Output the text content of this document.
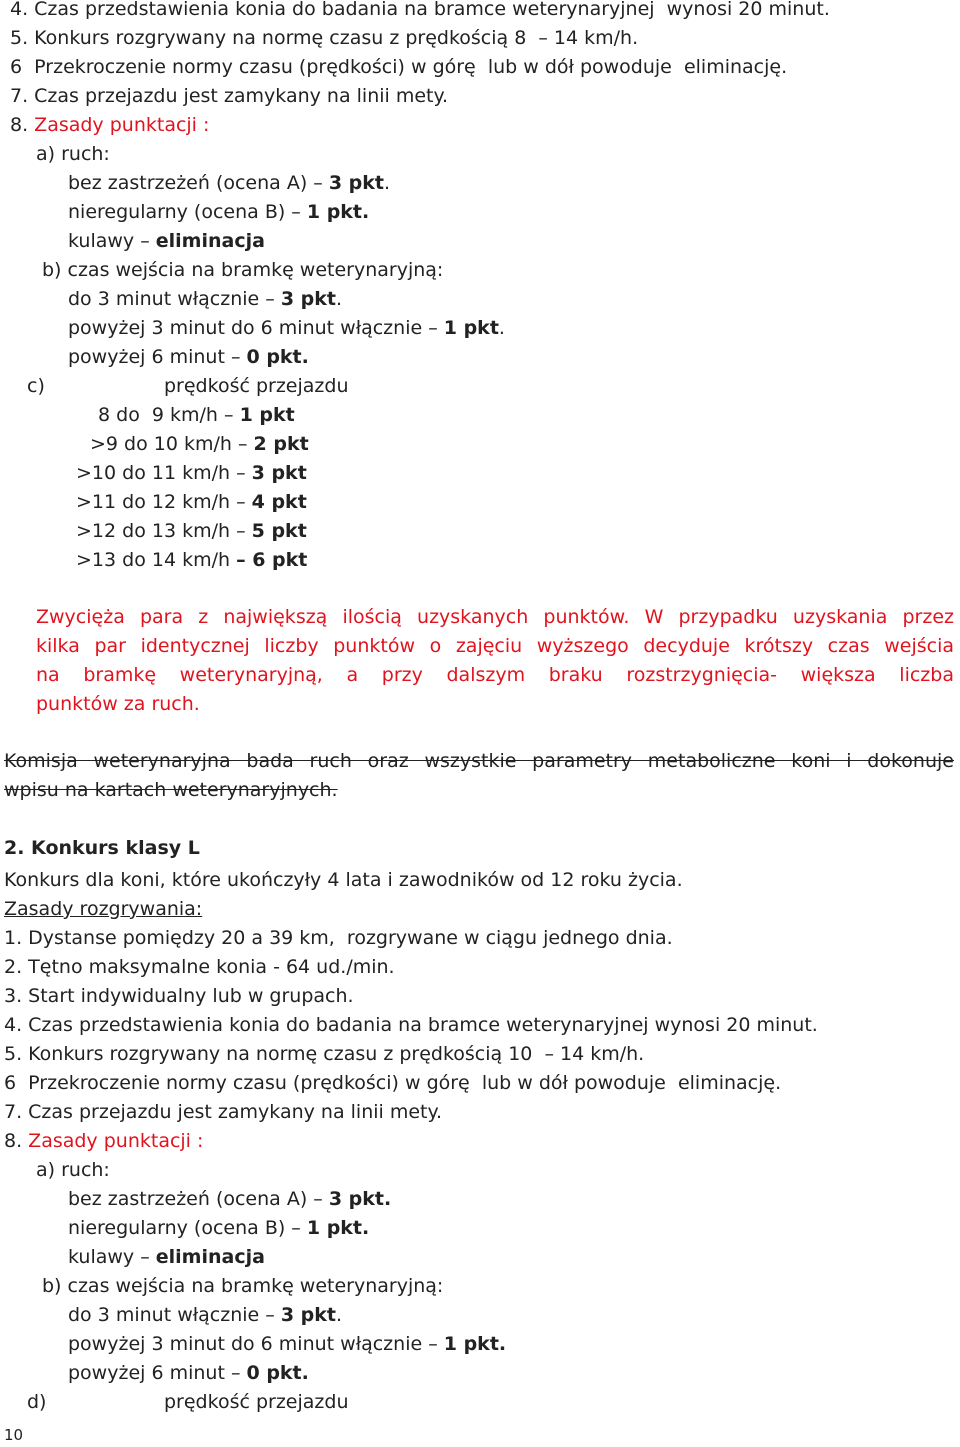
4. Czas przedstawienia konia do badania na bramce weterynaryjnej  wynosi 20 minut.
5. Konkurs rozgrywany na normę czasu z prędkością 8  – 14 km/h.
6  Przekroczenie normy czasu (prędkości) w górę  lub w dół powoduje  eliminację.
7. Czas przejazdu jest zamykany na linii mety.
8. Zasady punktacji :
a) ruch:
bez zastrzeżeń (ocena A) – 3 pkt.
nieregularny (ocena B) – 1 pkt.
kulawy – eliminacja
b) czas wejścia na bramkę weterynaryjną:
do 3 minut włącznie – 3 pkt.
powyżej 3 minut do 6 minut włącznie – 1 pkt.
powyżej 6 minut – 0 pkt.
c)	prędkość przejazdu
8 do  9 km/h – 1 pkt
>9 do 10 km/h – 2 pkt
>10 do 11 km/h – 3 pkt
>11 do 12 km/h – 4 pkt
>12 do 13 km/h – 5 pkt
>13 do 14 km/h – 6 pkt
Zwycięża para z największą ilością uzyskanych punktów. W przypadku uzyskania przez
kilka par identycznej liczby punktów o zajęciu wyższego decyduje krótszy czas wejścia
na bramkę weterynaryjną, a przy dalszym braku rozstrzygnięcia- większa liczba
punktów za ruch.
Komisja weterynaryjna bada ruch oraz wszystkie parametry metaboliczne koni i dokonuje
wpisu na kartach weterynaryjnych.
2. Konkurs klasy L
Konkurs dla koni, które ukończyły 4 lata i zawodników od 12 roku życia.
Zasady rozgrywania:
1. Dystanse pomiędzy 20 a 39 km,  rozgrywane w ciągu jednego dnia.
2. Tętno maksymalne konia - 64 ud./min.
3. Start indywidualny lub w grupach.
4. Czas przedstawienia konia do badania na bramce weterynaryjnej wynosi 20 minut.
5. Konkurs rozgrywany na normę czasu z prędkością 10  – 14 km/h.
6  Przekroczenie normy czasu (prędkości) w górę  lub w dół powoduje  eliminację.
7. Czas przejazdu jest zamykany na linii mety.
8. Zasady punktacji :
a) ruch:
bez zastrzeżeń (ocena A) – 3 pkt.
nieregularny (ocena B) – 1 pkt.
kulawy – eliminacja
b) czas wejścia na bramkę weterynaryjną:
do 3 minut włącznie – 3 pkt.
powyżej 3 minut do 6 minut włącznie – 1 pkt.
powyżej 6 minut – 0 pkt.
d)	prędkość przejazdu
10
